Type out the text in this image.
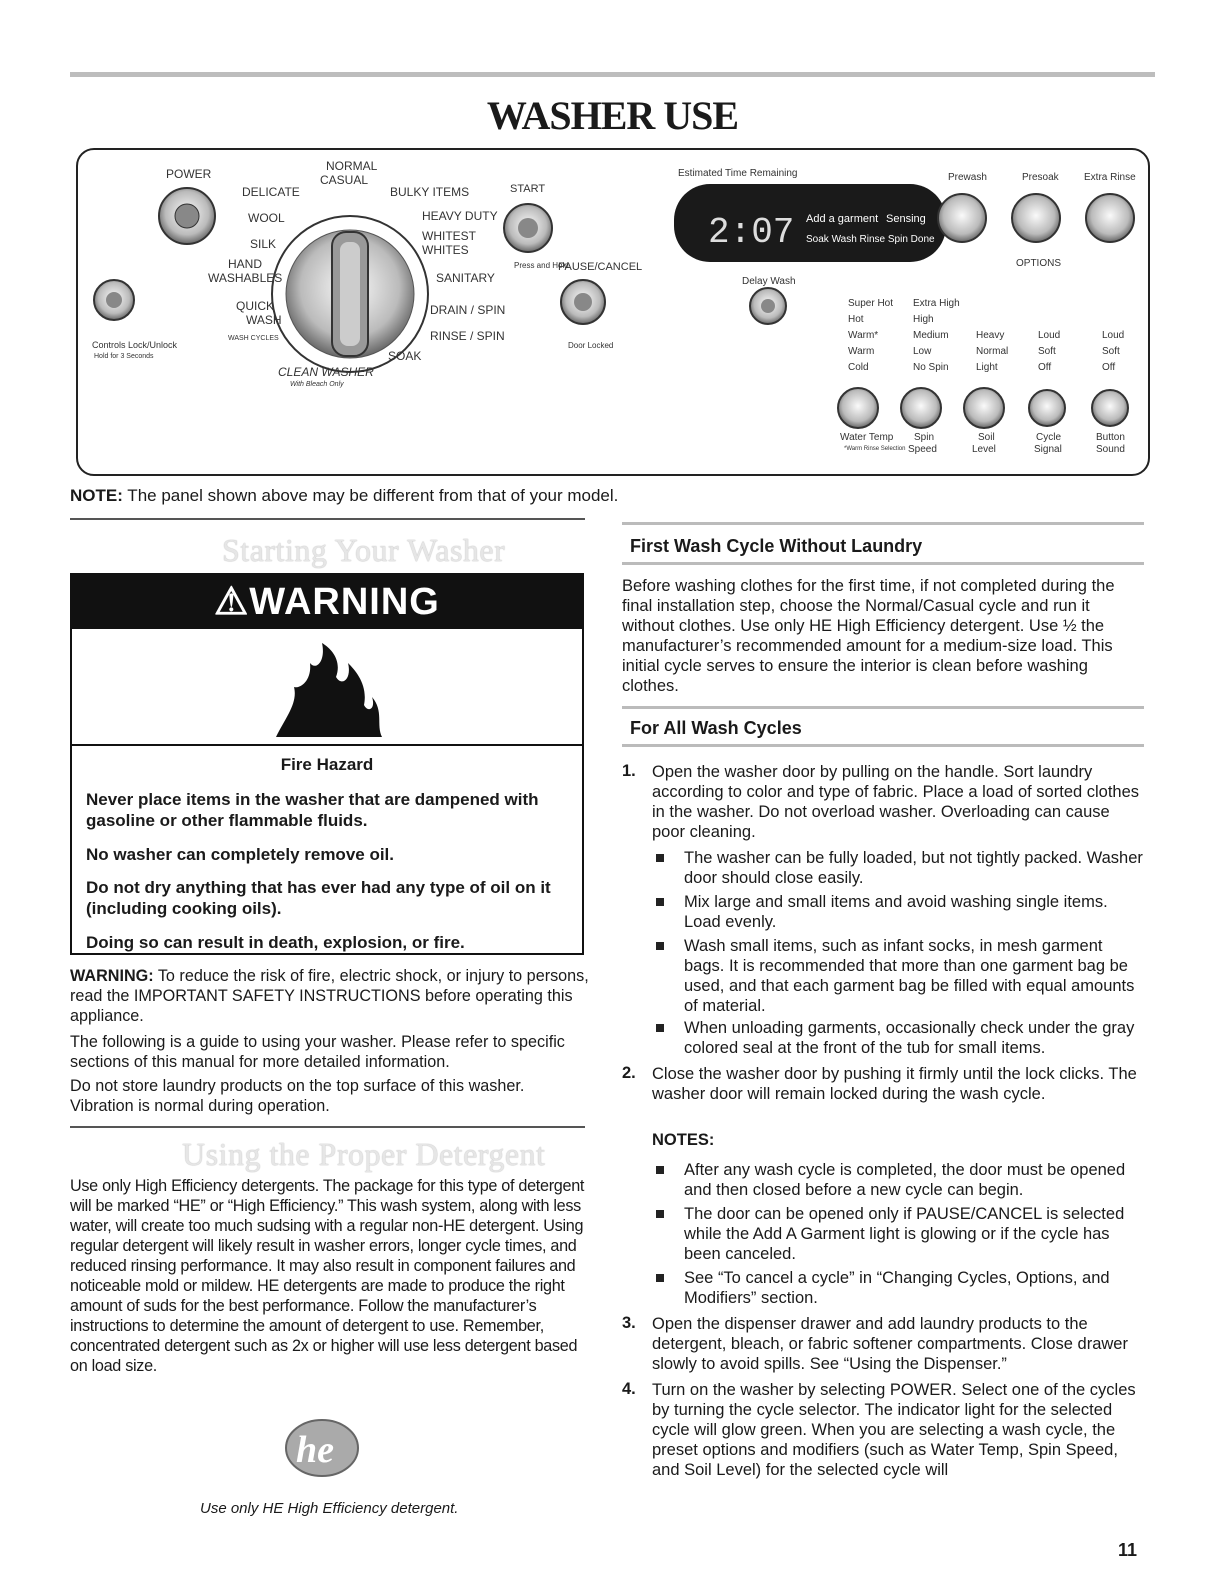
WASHER USE
POWER
Controls Lock/Unlock
Hold for 3 Seconds
NORMAL
CASUAL
DELICATE
WOOL
SILK
HAND
WASHABLES
QUICK
WASH
WASH CYCLES
CLEAN WASHER
With Bleach Only
SOAK
RINSE / SPIN
DRAIN / SPIN
SANITARY
WHITES
WHITEST
HEAVY DUTY
BULKY ITEMS	START
Press and Hold
PAUSE/CANCEL
Door Locked
Estimated Time Remaining
2:07 Add a garment Sensing
Soak Wash Rinse Spin Done
Delay Wash
Prewash	Presoak	Extra Rinse
OPTIONS
Super Hot
Hot
Warm*
Warm
Cold
Extra High
High
Medium
Low
No Spin
Heavy
Normal
Light
Loud
Soft
Off
Loud
Soft
Off
Water Temp
*Warm Rinse Selection
Spin
Speed
Soil
Level
Cycle
Signal
Button
Sound
NOTE: The panel shown above may be different from that of your model.
Starting Your Washer
⚠WARNING
Fire Hazard
Never place items in the washer that are dampened with gasoline or other flammable fluids.
No washer can completely remove oil.
Do not dry anything that has ever had any type of oil on it (including cooking oils).
Doing so can result in death, explosion, or fire.
WARNING: To reduce the risk of fire, electric shock, or injury to persons, read the IMPORTANT SAFETY INSTRUCTIONS before operating this appliance.
The following is a guide to using your washer. Please refer to specific sections of this manual for more detailed information.
Do not store laundry products on the top surface of this washer. Vibration is normal during operation.
Using the Proper Detergent
Use only High Efficiency detergents. The package for this type of detergent will be marked “HE” or “High Efficiency.” This wash system, along with less water, will create too much sudsing with a regular non-HE detergent. Using regular detergent will likely result in washer errors, longer cycle times, and reduced rinsing performance. It may also result in component failures and noticeable mold or mildew. HE detergents are made to produce the right amount of suds for the best performance. Follow the manufacturer’s instructions to determine the amount of detergent to use. Remember, concentrated detergent such as 2x or higher will use less detergent based on load size.
he
Use only HE High Efficiency detergent.
First Wash Cycle Without Laundry
Before washing clothes for the first time, if not completed during the final installation step, choose the Normal/Casual cycle and run it without clothes. Use only HE High Efficiency detergent. Use ½ the manufacturer’s recommended amount for a medium-size load. This initial cycle serves to ensure the interior is clean before washing clothes.
For All Wash Cycles
1. Open the washer door by pulling on the handle. Sort laundry according to color and type of fabric. Place a load of sorted clothes in the washer. Do not overload washer. Overloading can cause poor cleaning.
The washer can be fully loaded, but not tightly packed. Washer door should close easily.
Mix large and small items and avoid washing single items. Load evenly.
Wash small items, such as infant socks, in mesh garment bags. It is recommended that more than one garment bag be used, and that each garment bag be filled with equal amounts of material.
When unloading garments, occasionally check under the gray colored seal at the front of the tub for small items.
2. Close the washer door by pushing it firmly until the lock clicks. The washer door will remain locked during the wash cycle.
NOTES:
After any wash cycle is completed, the door must be opened and then closed before a new cycle can begin.
The door can be opened only if PAUSE/CANCEL is selected while the Add A Garment light is glowing or if the cycle has been canceled.
See “To cancel a cycle” in “Changing Cycles, Options, and Modifiers” section.
3. Open the dispenser drawer and add laundry products to the detergent, bleach, or fabric softener compartments. Close drawer slowly to avoid spills. See “Using the Dispenser.”
4. Turn on the washer by selecting POWER. Select one of the cycles by turning the cycle selector. The indicator light for the selected cycle will glow green. When you are selecting a wash cycle, the preset options and modifiers (such as Water Temp, Spin Speed, and Soil Level) for the selected cycle will
11
